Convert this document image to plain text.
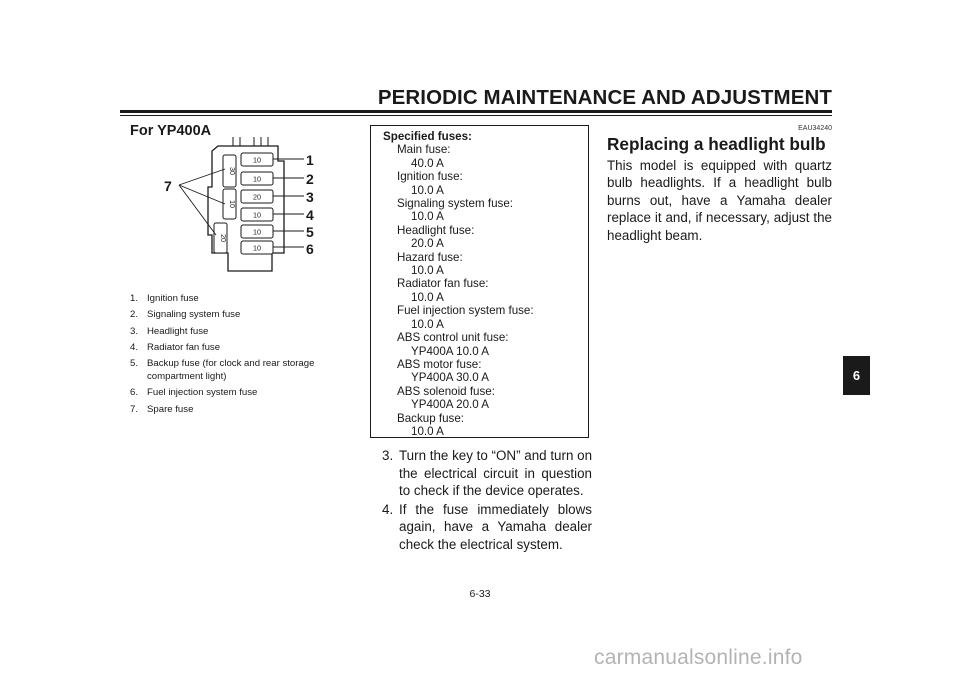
PERIODIC MAINTENANCE AND ADJUSTMENT
For YP400A
10
10
20
10
10
10
30
10
20
1
2
3
4
5
6
7
1. Ignition fuse
2. Signaling system fuse
3. Headlight fuse
4. Radiator fan fuse
5. Backup fuse (for clock and rear storage compartment light)
6. Fuel injection system fuse
7. Spare fuse
Specified fuses:
Main fuse:
40.0 A
Ignition fuse:
10.0 A
Signaling system fuse:
10.0 A
Headlight fuse:
20.0 A
Hazard fuse:
10.0 A
Radiator fan fuse:
10.0 A
Fuel injection system fuse:
10.0 A
ABS control unit fuse:
YP400A 10.0 A
ABS motor fuse:
YP400A 30.0 A
ABS solenoid fuse:
YP400A 20.0 A
Backup fuse:
10.0 A
3. Turn the key to “ON” and turn on the electrical circuit in question to check if the device operates.
4. If the fuse immediately blows again, have a Yamaha dealer check the electrical system.
EAU34240
Replacing a headlight bulb
This model is equipped with quartz bulb headlights. If a headlight bulb burns out, have a Yamaha dealer replace it and, if necessary, adjust the headlight beam.
6
6-33
carmanualsonline.info
